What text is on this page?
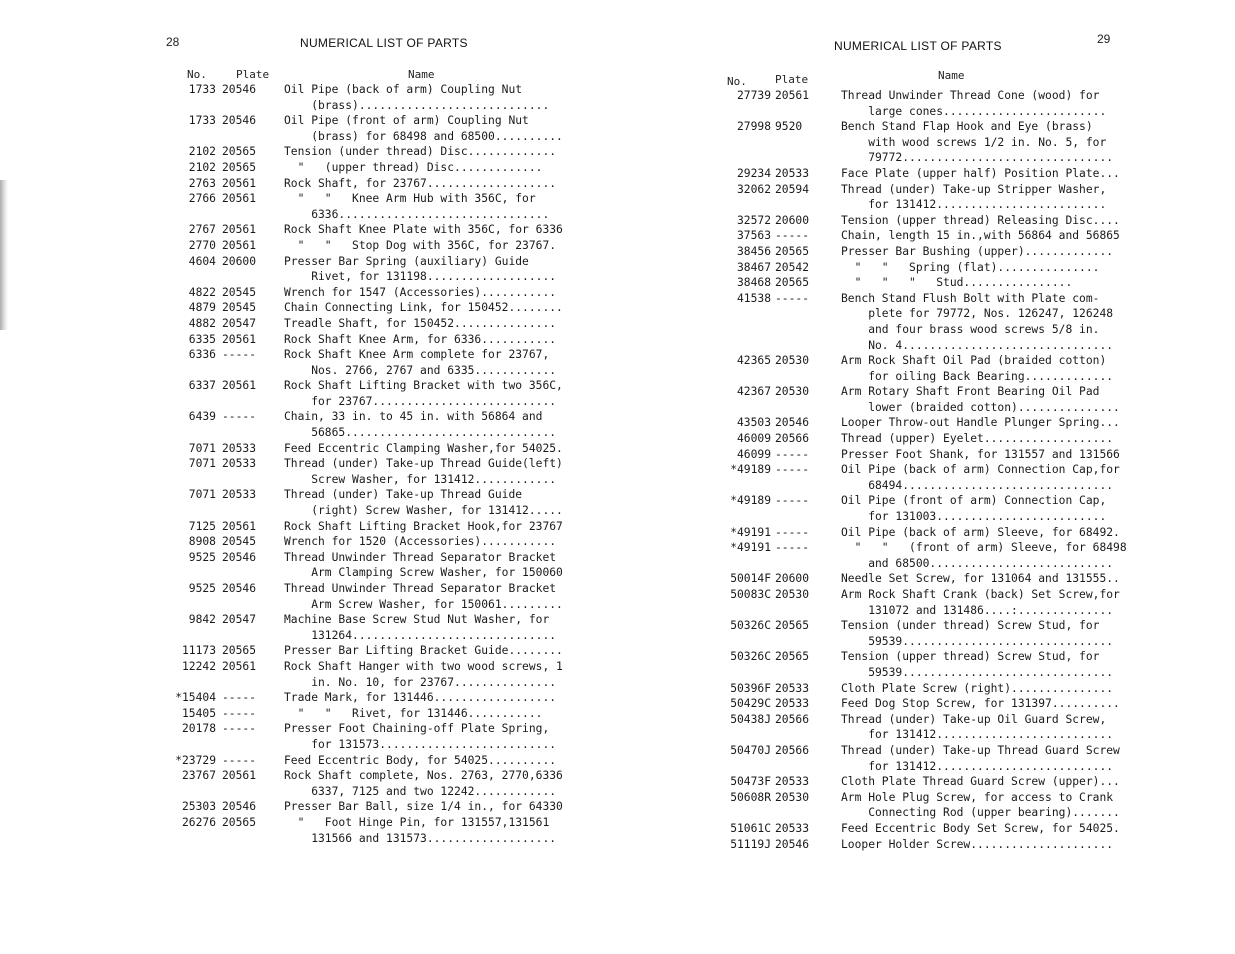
28	NUMERICAL LIST OF PARTS
No.	Plate	Name
1733 20546 Oil Pipe (back of arm) Coupling Nut
(brass)............................
1733 20546 Oil Pipe (front of arm) Coupling Nut
(brass) for 68498 and 68500..........
2102 20565 Tension (under thread) Disc.............
2102 20565 "   (upper thread) Disc.............
2763 20561 Rock Shaft, for 23767...................
2766 20561	"   "   Knee Arm Hub with 356C, for
6336...............................
2767 20561 Rock Shaft Knee Plate with 356C, for 6336
2770 20561 "   "   Stop Dog with 356C, for 23767.
4604 20600 Presser Bar Spring (auxiliary) Guide
Rivet, for 131198...................
4822 20545 Wrench for 1547 (Accessories)...........
4879 20545 Chain Connecting Link, for 150452........
4882 20547 Treadle Shaft, for 150452...............
6335 20561 Rock Shaft Knee Arm, for 6336...........
6336 ----- Rock Shaft Knee Arm complete for 23767,
Nos. 2766, 2767 and 6335............
6337 20561 Rock Shaft Lifting Bracket with two 356C,
for 23767...........................
6439 ----- Chain, 33 in. to 45 in. with 56864 and
56865...............................
7071 20533 Feed Eccentric Clamping Washer,for 54025.
7071 20533 Thread (under) Take-up Thread Guide(left)
Screw Washer, for 131412............
7071 20533 Thread (under) Take-up Thread Guide
(right) Screw Washer, for 131412.....
7125 20561 Rock Shaft Lifting Bracket Hook,for 23767
8908 20545 Wrench for 1520 (Accessories)...........
9525 20546 Thread Unwinder Thread Separator Bracket
Arm Clamping Screw Washer, for 150060
9525 20546 Thread Unwinder Thread Separator Bracket
Arm Screw Washer, for 150061.........
9842 20547 Machine Base Screw Stud Nut Washer, for
131264..............................
11173 20565 Presser Bar Lifting Bracket Guide........
12242 20561 Rock Shaft Hanger with two wood screws, 1
in. No. 10, for 23767...............
*15404 ----- Trade Mark, for 131446..................
15405 ----- "   "   Rivet, for 131446...........
20178 ----- Presser Foot Chaining-off Plate Spring,
for 131573..........................
*23729 ----- Feed Eccentric Body, for 54025..........
23767 20561 Rock Shaft complete, Nos. 2763, 2770,6336
6337, 7125 and two 12242............
25303 20546 Presser Bar Ball, size 1/4 in., for 64330
26276 20565	"   Foot Hinge Pin, for 131557,131561
131566 and 131573...................
29
NUMERICAL LIST OF PARTS
No.	Plate	Name
27739 20561	Thread Unwinder Thread Cone (wood) for
large cones........................
27998 9520	Bench Stand Flap Hook and Eye (brass)
with wood screws 1/2 in. No. 5, for
79772...............................
29234 20533	Face Plate (upper half) Position Plate...
32062 20594	Thread (under) Take-up Stripper Washer,
for 131412.........................
32572 20600	Tension (upper thread) Releasing Disc....
37563 -----	Chain, length 15 in.,with 56864 and 56865
38456 20565	Presser Bar Bushing (upper).............
38467 20542	"   "   Spring (flat)...............
38468 20565	"   "   "   Stud................
41538 -----	Bench Stand Flush Bolt with Plate com-
plete for 79772, Nos. 126247, 126248
and four brass wood screws 5/8 in.
No. 4...............................
42365 20530	Arm Rock Shaft Oil Pad (braided cotton)
for oiling Back Bearing.............
42367 20530	Arm Rotary Shaft Front Bearing Oil Pad
lower (braided cotton)...............
43503 20546	Looper Throw-out Handle Plunger Spring...
46009 20566	Thread (upper) Eyelet...................
46099 -----	Presser Foot Shank, for 131557 and 131566
*49189 -----	Oil Pipe (back of arm) Connection Cap,for
68494...............................
*49189 -----	Oil Pipe (front of arm) Connection Cap,
for 131003.........................
*49191 -----	Oil Pipe (back of arm) Sleeve, for 68492.
*49191 -----	"   "   (front of arm) Sleeve, for 68498
and 68500...........................
50014F 20600	Needle Set Screw, for 131064 and 131555..
50083C 20530	Arm Rock Shaft Crank (back) Set Screw,for
131072 and 131486....:..............
50326C 20565	Tension (under thread) Screw Stud, for
59539...............................
50326C 20565	Tension (upper thread) Screw Stud, for
59539...............................
50396F 20533	Cloth Plate Screw (right)...............
50429C 20533	Feed Dog Stop Screw, for 131397..........
50438J 20566	Thread (under) Take-up Oil Guard Screw,
for 131412..........................
50470J 20566	Thread (under) Take-up Thread Guard Screw
for 131412..........................
50473F 20533	Cloth Plate Thread Guard Screw (upper)...
50608R 20530	Arm Hole Plug Screw, for access to Crank
Connecting Rod (upper bearing).......
51061C 20533	Feed Eccentric Body Set Screw, for 54025.
51119J 20546	Looper Holder Screw.....................
